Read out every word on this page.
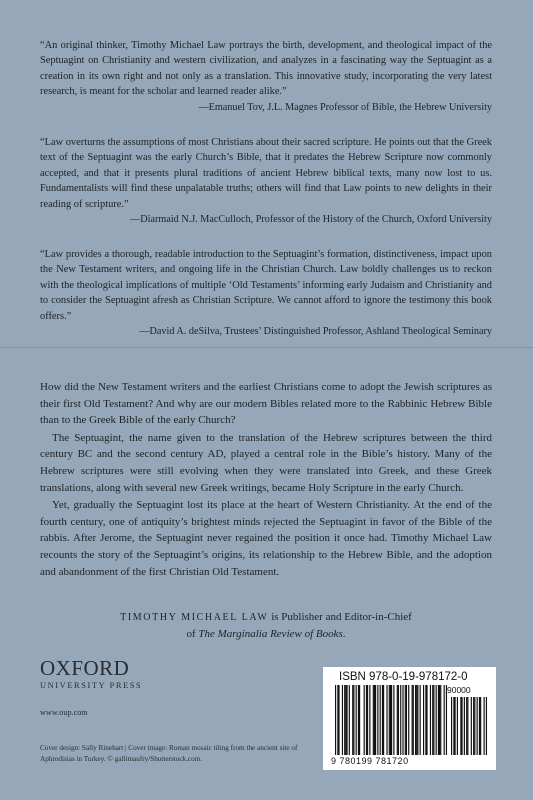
“An original thinker, Timothy Michael Law portrays the birth, development, and theological impact of the Septuagint on Christianity and western civilization, and analyzes in a fascinating way the Septuagint as a creation in its own right and not only as a translation. This innovative study, incorporating the very latest research, is meant for the scholar and learned reader alike.”

—Emanuel Tov, J.L. Magnes Professor of Bible, the Hebrew University

“Law overturns the assumptions of most Christians about their sacred scripture. He points out that the Greek text of the Septuagint was the early Church’s Bible, that it predates the Hebrew Scripture now commonly accepted, and that it presents plural traditions of ancient Hebrew biblical texts, many now lost to us. Fundamentalists will find these unpalatable truths; others will find that Law points to new delights in their reading of scripture.”

—Diarmaid N.J. MacCulloch, Professor of the History of the Church, Oxford University

“Law provides a thorough, readable introduction to the Septuagint’s formation, distinctiveness, impact upon the New Testament writers, and ongoing life in the Christian Church. Law boldly challenges us to reckon with the theological implications of multiple ‘Old Testaments’ informing early Judaism and Christianity and to consider the Septuagint afresh as Christian Scripture. We cannot afford to ignore the testimony this book offers.”

—David A. deSilva, Trustees’ Distinguished Professor, Ashland Theological Seminary

How did the New Testament writers and the earliest Christians come to adopt the Jewish scriptures as their first Old Testament? And why are our modern Bibles related more to the Rabbinic Hebrew Bible than to the Greek Bible of the early Church?

The Septuagint, the name given to the translation of the Hebrew scriptures between the third century BC and the second century AD, played a central role in the Bible’s history. Many of the Hebrew scriptures were still evolving when they were translated into Greek, and these Greek translations, along with several new Greek writings, became Holy Scripture in the early Church.

Yet, gradually the Septuagint lost its place at the heart of Western Christianity. At the end of the fourth century, one of antiquity’s brightest minds rejected the Septuagint in favor of the Bible of the rabbis. After Jerome, the Septuagint never regained the position it once had. Timothy Michael Law recounts the story of the Septuagint’s origins, its relationship to the Hebrew Bible, and the adoption and abandonment of the first Christian Old Testament.

TIMOTHY MICHAEL LAW is Publisher and Editor-in-Chief
of The Marginalia Review of Books.
OXFORD
UNIVERSITY PRESS
www.oup.com
Cover design: Sally Rinehart | Cover image: Roman mosaic tiling from the ancient site of Aphrodisias in Turkey. © gallimaufry/Shutterstock.com.
ISBN 978-0-19-978172-0
90000
9 780199 781720
